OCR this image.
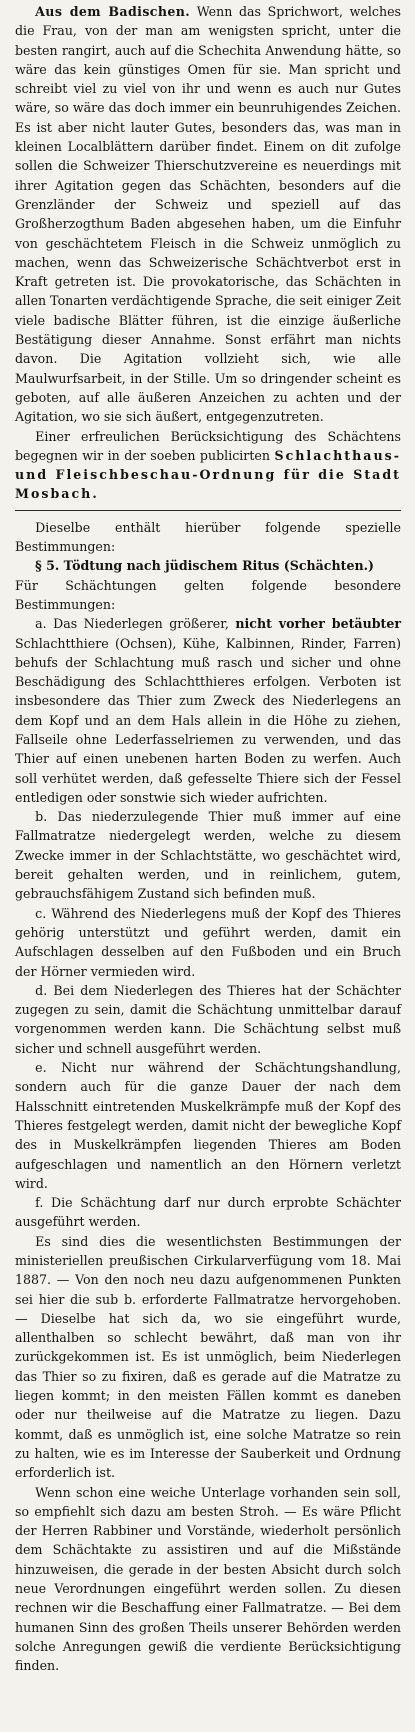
Aus dem Badischen. Wenn das Sprichwort, welches die Frau, von der man am wenigsten spricht, unter die besten rangirt, auch auf die Schechita Anwendung hätte, so wäre das kein günstiges Omen für sie. Man spricht und schreibt viel zu viel von ihr und wenn es auch nur Gutes wäre, so wäre das doch immer ein beunruhigendes Zeichen. Es ist aber nicht lauter Gutes, besonders das, was man in kleinen Localblättern darüber findet. Einem on dit zufolge sollen die Schweizer Thierschutzvereine es neuerdings mit ihrer Agitation gegen das Schächten, besonders auf die Grenzländer der Schweiz und speziell auf das Großherzogthum Baden abgesehen haben, um die Einfuhr von geschächtetem Fleisch in die Schweiz unmöglich zu machen, wenn das Schweizerische Schächtverbot erst in Kraft getreten ist. Die provokatorische, das Schächten in allen Tonarten verdächtigende Sprache, die seit einiger Zeit viele badische Blätter führen, ist die einzige äußerliche Bestätigung dieser Annahme. Sonst erfährt man nichts davon. Die Agitation vollzieht sich, wie alle Maulwurfsarbeit, in der Stille. Um so dringender scheint es geboten, auf alle äußeren Anzeichen zu achten und der Agitation, wo sie sich äußert, entgegenzutreten.

Einer erfreulichen Berücksichtigung des Schächtens begegnen wir in der soeben publicirten Schlachthaus- und Fleischbeschau-Ordnung für die Stadt Mosbach.

Dieselbe enthält hierüber folgende spezielle Bestimmungen:

§ 5. Tödtung nach jüdischem Ritus (Schächten.)

Für Schächtungen gelten folgende besondere Bestimmungen:

a. Das Niederlegen größerer, nicht vorher betäubter Schlachtthiere (Ochsen), Kühe, Kalbinnen, Rinder, Farren) behufs der Schlachtung muß rasch und sicher und ohne Beschädigung des Schlachtthieres erfolgen. Verboten ist insbesondere das Thier zum Zweck des Niederlegens an dem Kopf und an dem Hals allein in die Höhe zu ziehen, Fallseile ohne Lederfasselriemen zu verwenden, und das Thier auf einen unebenen harten Boden zu werfen. Auch soll verhütet werden, daß gefesselte Thiere sich der Fessel entledigen oder sonstwie sich wieder aufrichten.

b. Das niederzulegende Thier muß immer auf eine Fallmatratze niedergelegt werden, welche zu diesem Zwecke immer in der Schlachtstätte, wo geschächtet wird, bereit gehalten werden, und in reinlichem, gutem, gebrauchsfähigem Zustand sich befinden muß.

c. Während des Niederlegens muß der Kopf des Thieres gehörig unterstützt und geführt werden, damit ein Aufschlagen desselben auf den Fußboden und ein Bruch der Hörner vermieden wird.

d. Bei dem Niederlegen des Thieres hat der Schächter zugegen zu sein, damit die Schächtung unmittelbar darauf vorgenommen werden kann. Die Schächtung selbst muß sicher und schnell ausgeführt werden.

e. Nicht nur während der Schächtungshandlung, sondern auch für die ganze Dauer der nach dem Halsschnitt eintretenden Muskelkrämpfe muß der Kopf des Thieres festgelegt werden, damit nicht der bewegliche Kopf des in Muskelkrämpfen liegenden Thieres am Boden aufgeschlagen und namentlich an den Hörnern verletzt wird.

f. Die Schächtung darf nur durch erprobte Schächter ausgeführt werden.

Es sind dies die wesentlichsten Bestimmungen der ministeriellen preußischen Cirkularverfügung vom 18. Mai 1887. — Von den noch neu dazu aufgenommenen Punkten sei hier die sub b. erforderte Fallmatratze hervorgehoben. — Dieselbe hat sich da, wo sie eingeführt wurde, allenthalben so schlecht bewährt, daß man von ihr zurückgekommen ist. Es ist unmöglich, beim Niederlegen das Thier so zu fixiren, daß es gerade auf die Matratze zu liegen kommt; in den meisten Fällen kommt es daneben oder nur theilweise auf die Matratze zu liegen. Dazu kommt, daß es unmöglich ist, eine solche Matratze so rein zu halten, wie es im Interesse der Sauberkeit und Ordnung erforderlich ist.

Wenn schon eine weiche Unterlage vorhanden sein soll, so empfiehlt sich dazu am besten Stroh. — Es wäre Pflicht der Herren Rabbiner und Vorstände, wiederholt persönlich dem Schächtakte zu assistiren und auf die Mißstände hinzuweisen, die gerade in der besten Absicht durch solch neue Verordnungen eingeführt werden sollen. Zu diesen rechnen wir die Beschaffung einer Fallmatratze. — Bei dem humanen Sinn des großen Theils unserer Behörden werden solche Anregungen gewiß die verdiente Berücksichtigung finden.
